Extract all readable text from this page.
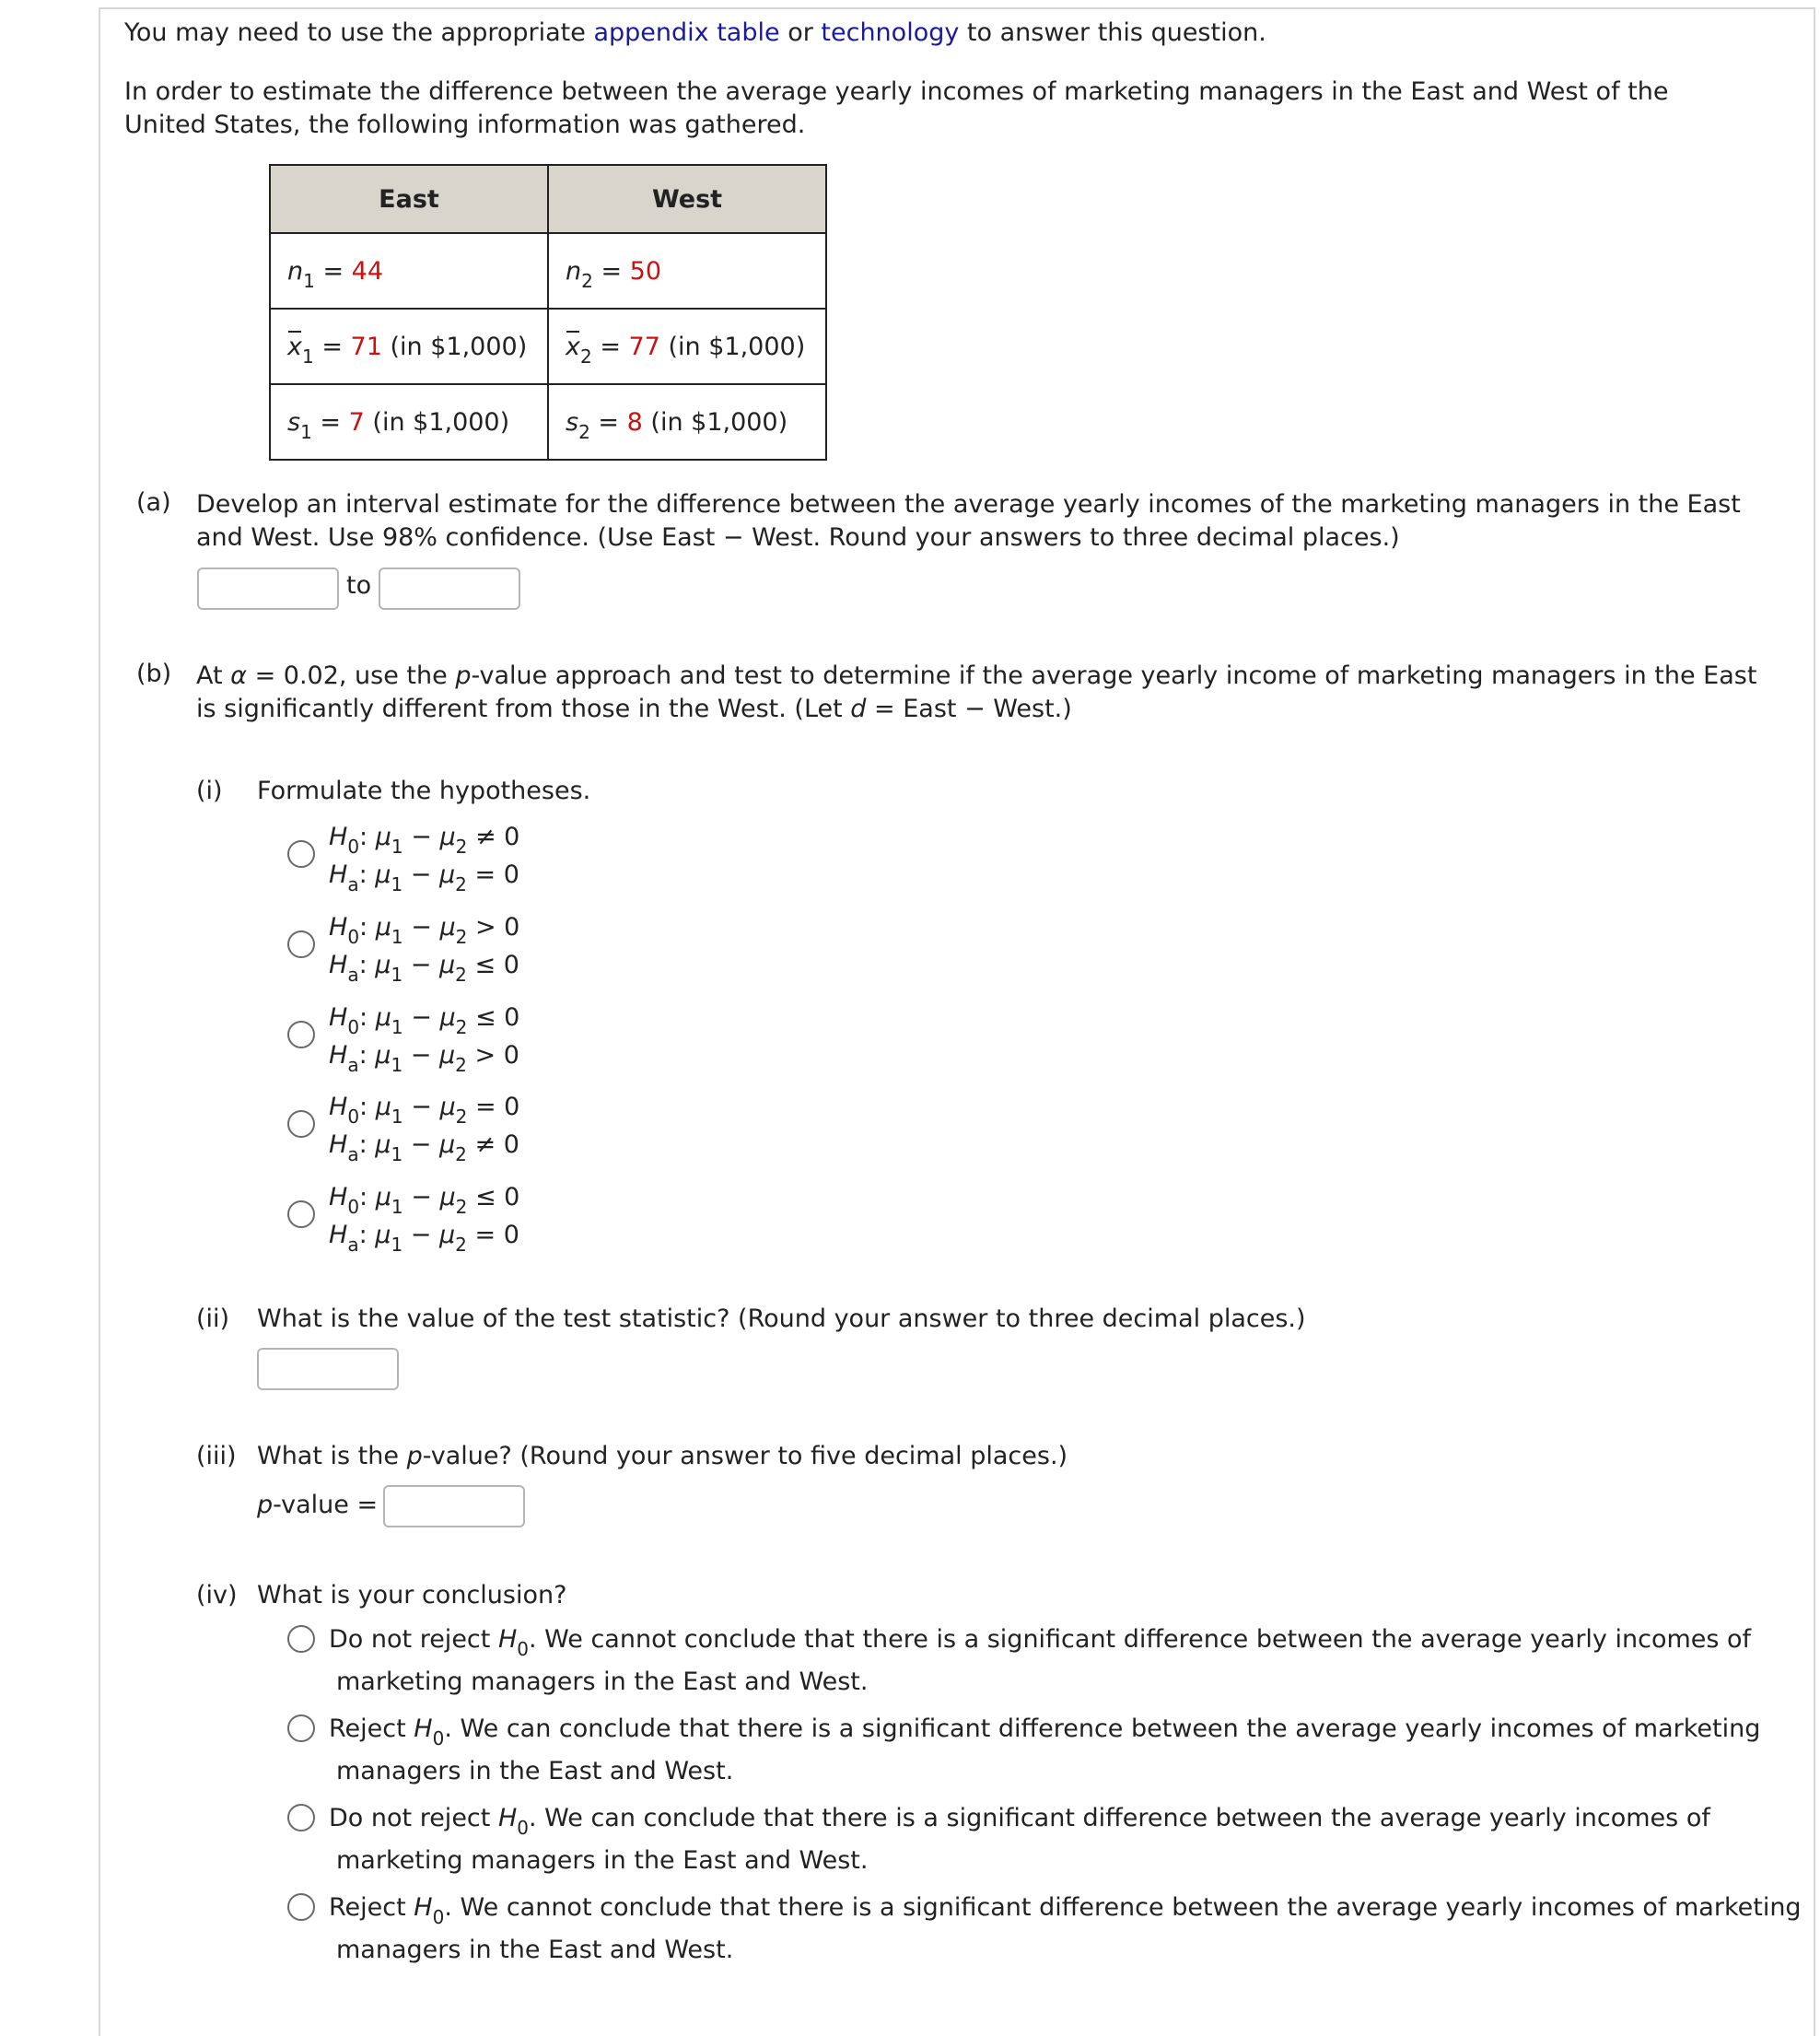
You may need to use the appropriate appendix table or technology to answer this question.
In order to estimate the difference between the average yearly incomes of marketing managers in the East and West of the United States, the following information was gathered.
East	West
$n_1 = 44$	$n_2 = 50$
$x_1 = 71$ (in $1,000)	$x_2 = 77$ (in $1,000)
$s_1 = 7$ (in $1,000)	$s_2 = 8$ (in $1,000)
(a) Develop an interval estimate for the difference between the average yearly incomes of the marketing managers in the East and West. Use 98% confidence. (Use East − West. Round your answers to three decimal places.)
to
(b) At α = 0.02, use the p-value approach and test to determine if the average yearly income of marketing managers in the East is significantly different from those in the West. (Let d = East − West.)
(i) Formulate the hypotheses.
$H_0$: $\mu_1 - \mu_2 \ne 0$
$H_a$: $\mu_1 - \mu_2 = 0$
$H_0$: $\mu_1 - \mu_2 > 0$
$H_a$: $\mu_1 - \mu_2 \le 0$
$H_0$: $\mu_1 - \mu_2 \le 0$
$H_a$: $\mu_1 - \mu_2 > 0$
$H_0$: $\mu_1 - \mu_2 = 0$
$H_a$: $\mu_1 - \mu_2 \ne 0$
$H_0$: $\mu_1 - \mu_2 \le 0$
$H_a$: $\mu_1 - \mu_2 = 0$
(ii) What is the value of the test statistic? (Round your answer to three decimal places.)
(iii) What is the p-value? (Round your answer to five decimal places.)
p-value =
(iv) What is your conclusion?
Do not reject $H_0$. We cannot conclude that there is a significant difference between the average yearly incomes of
marketing managers in the East and West.
Reject $H_0$. We can conclude that there is a significant difference between the average yearly incomes of marketing
managers in the East and West.
Do not reject $H_0$. We can conclude that there is a significant difference between the average yearly incomes of
marketing managers in the East and West.
Reject $H_0$. We cannot conclude that there is a significant difference between the average yearly incomes of marketing
managers in the East and West.
